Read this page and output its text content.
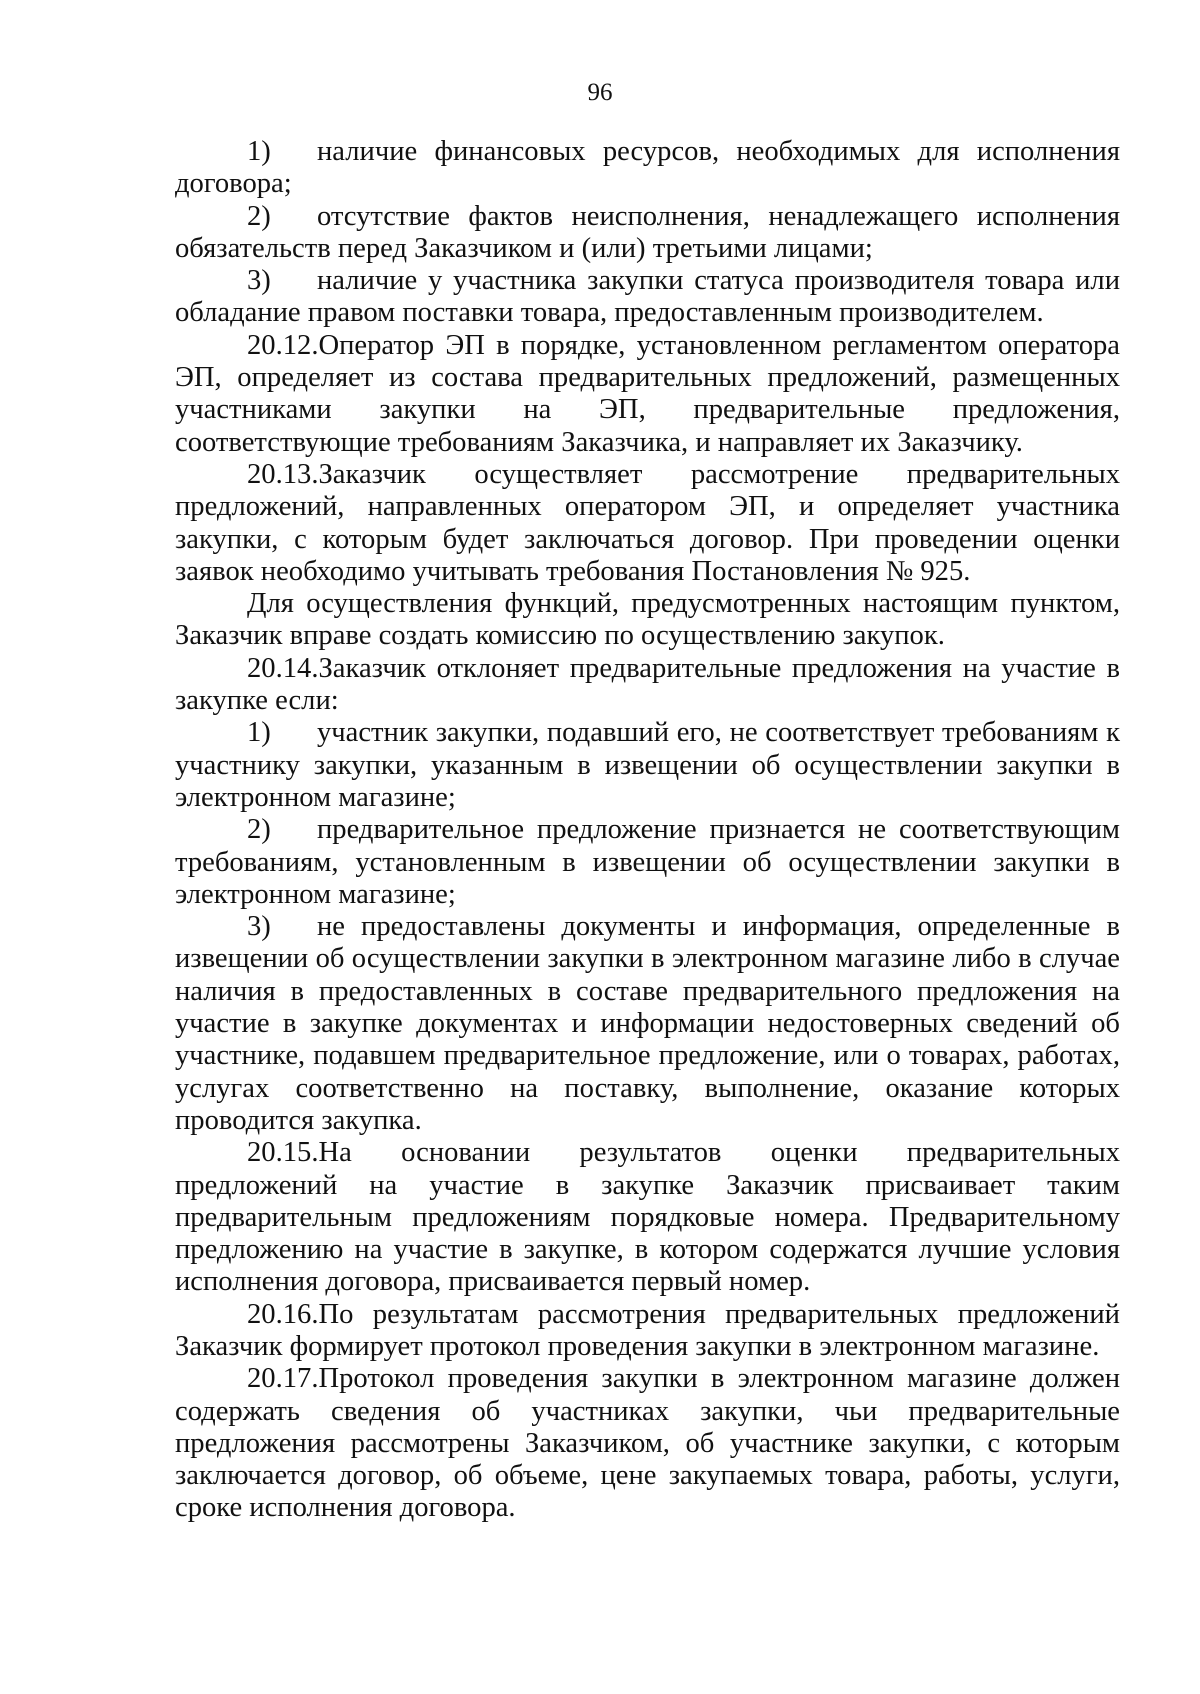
96

1) наличие финансовых ресурсов, необходимых для исполнения договора;

2) отсутствие фактов неисполнения, ненадлежащего исполнения обязательств перед Заказчиком и (или) третьими лицами;

3) наличие у участника закупки статуса производителя товара или обладание правом поставки товара, предоставленным производителем.

20.12.Оператор ЭП в порядке, установленном регламентом оператора ЭП, определяет из состава предварительных предложений, размещенных участниками закупки на ЭП, предварительные предложения, соответствующие требованиям Заказчика, и направляет их Заказчику.

20.13.Заказчик осуществляет рассмотрение предварительных предложений, направленных оператором ЭП, и определяет участника закупки, с которым будет заключаться договор. При проведении оценки заявок необходимо учитывать требования Постановления № 925.

Для осуществления функций, предусмотренных настоящим пунктом, Заказчик вправе создать комиссию по осуществлению закупок.

20.14.Заказчик отклоняет предварительные предложения на участие в закупке если:

1) участник закупки, подавший его, не соответствует требованиям к участнику закупки, указанным в извещении об осуществлении закупки в электронном магазине;

2) предварительное предложение признается не соответствующим требованиям, установленным в извещении об осуществлении закупки в электронном магазине;

3) не предоставлены документы и информация, определенные в извещении об осуществлении закупки в электронном магазине либо в случае наличия в предоставленных в составе предварительного предложения на участие в закупке документах и информации недостоверных сведений об участнике, подавшем предварительное предложение, или о товарах, работах, услугах соответственно на поставку, выполнение, оказание которых проводится закупка.

20.15.На основании результатов оценки предварительных предложений на участие в закупке Заказчик присваивает таким предварительным предложениям порядковые номера. Предварительному предложению на участие в закупке, в котором содержатся лучшие условия исполнения договора, присваивается первый номер.

20.16.По результатам рассмотрения предварительных предложений Заказчик формирует протокол проведения закупки в электронном магазине.

20.17.Протокол проведения закупки в электронном магазине должен содержать сведения об участниках закупки, чьи предварительные предложения рассмотрены Заказчиком, об участнике закупки, с которым заключается договор, об объеме, цене закупаемых товара, работы, услуги, сроке исполнения договора.
